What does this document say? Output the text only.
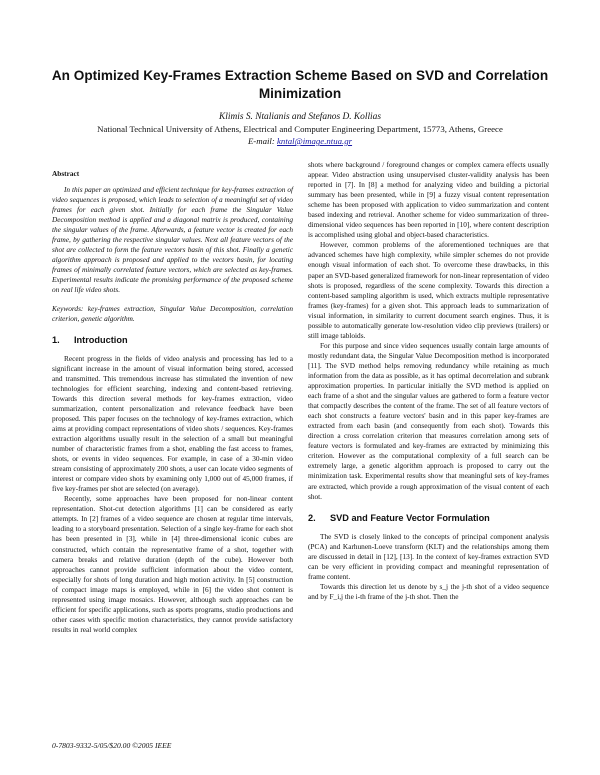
An Optimized Key-Frames Extraction Scheme Based on SVD and Correlation Minimization

Klimis S. Ntalianis and Stefanos D. Kollias

National Technical University of Athens, Electrical and Computer Engineering Department, 15773, Athens, Greece

E-mail: kntal@image.ntua.gr

Abstract

In this paper an optimized and efficient technique for key-frames extraction of video sequences is proposed, which leads to selection of a meaningful set of video frames for each given shot. Initially for each frame the Singular Value Decomposition method is applied and a diagonal matrix is produced, containing the singular values of the frame. Afterwards, a feature vector is created for each frame, by gathering the respective singular values. Next all feature vectors of the shot are collected to form the feature vectors basin of this shot. Finally a genetic algorithm approach is proposed and applied to the vectors basin, for locating frames of minimally correlated feature vectors, which are selected as key-frames. Experimental results indicate the promising performance of the proposed scheme on real life video shots.

Keywords: key-frames extraction, Singular Value Decomposition, correlation criterion, genetic algorithm.

1. Introduction

Recent progress in the fields of video analysis and processing has led to a significant increase in the amount of visual information being stored, accessed and transmitted. This tremendous increase has stimulated the invention of new technologies for efficient searching, indexing and content-based retrieving. Towards this direction several methods for key-frames extraction, video summarization, content personalization and relevance feedback have been proposed. This paper focuses on the technology of key-frames extraction, which aims at providing compact representations of video shots / sequences. Key-frames extraction algorithms usually result in the selection of a small but meaningful number of characteristic frames from a shot, enabling the fast access to frames, shots, or events in video sequences. For example, in case of a 30-min video stream consisting of approximately 200 shots, a user can locate video segments of interest or compare video shots by examining only 1,000 out of 45,000 frames, if five key-frames per shot are selected (on average).

Recently, some approaches have been proposed for non-linear content representation. Shot-cut detection algorithms [1] can be considered as early attempts. In [2] frames of a video sequence are chosen at regular time intervals, leading to a storyboard presentation. Selection of a single key-frame for each shot has been presented in [3], while in [4] three-dimensional iconic cubes are constructed, which contain the representative frame of a shot, together with camera breaks and relative duration (depth of the cube). However both approaches cannot provide sufficient information about the video content, especially for shots of long duration and high motion activity. In [5] construction of compact image maps is employed, while in [6] the video shot content is represented using image mosaics. However, although such approaches can be efficient for specific applications, such as sports programs, studio productions and other cases with specific motion characteristics, they cannot provide satisfactory results in real world complex

shots where background / foreground changes or complex camera effects usually appear. Video abstraction using unsupervised cluster-validity analysis has been reported in [7]. In [8] a method for analyzing video and building a pictorial summary has been presented, while in [9] a fuzzy visual content representation scheme has been proposed with application to video summarization and content based indexing and retrieval. Another scheme for video summarization of three-dimensional video sequences has been reported in [10], where content description is accomplished using global and object-based characteristics.

However, common problems of the aforementioned techniques are that advanced schemes have high complexity, while simpler schemes do not provide enough visual information of each shot. To overcome these drawbacks, in this paper an SVD-based generalized framework for non-linear representation of video shots is proposed, regardless of the scene complexity. Towards this direction a content-based sampling algorithm is used, which extracts multiple representative frames (key-frames) for a given shot. This approach leads to summarization of visual information, in similarity to current document search engines. Thus, it is possible to automatically generate low-resolution video clip previews (trailers) or still image tabloids.

For this purpose and since video sequences usually contain large amounts of mostly redundant data, the Singular Value Decomposition method is incorporated [11]. The SVD method helps removing redundancy while retaining as much information from the data as possible, as it has optimal decorrelation and subrank approximation properties. In particular initially the SVD method is applied on each frame of a shot and the singular values are gathered to form a feature vector that compactly describes the content of the frame. The set of all feature vectors of each shot constructs a feature vectors' basin and in this paper key-frames are extracted from each basin (and consequently from each shot). Towards this direction a cross correlation criterion that measures correlation among sets of feature vectors is formulated and key-frames are extracted by minimizing this criterion. However as the computational complexity of a full search can be extremely large, a genetic algorithm approach is proposed to carry out the minimization task. Experimental results show that meaningful sets of key-frames are extracted, which provide a rough approximation of the visual content of each shot.

2. SVD and Feature Vector Formulation

The SVD is closely linked to the concepts of principal component analysis (PCA) and Karhunen-Loeve transform (KLT) and the relationships among them are discussed in detail in [12], [13]. In the context of key-frames extraction SVD can be very efficient in providing compact and meaningful representation of frame content.

Towards this direction let us denote by s_j the j-th shot of a video sequence and by F_i,j the i-th frame of the j-th shot. Then the

0-7803-9332-5/05/$20.00 ©2005 IEEE
